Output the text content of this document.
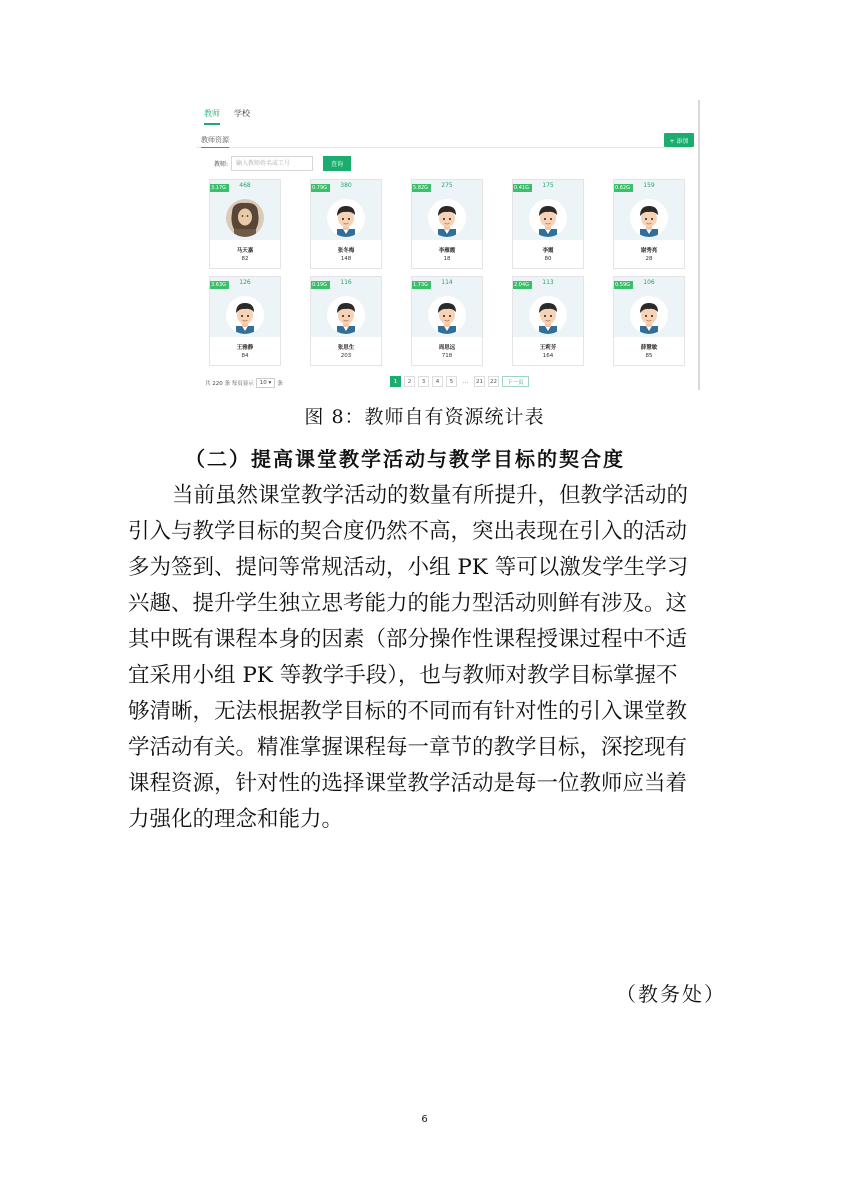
教师 学校
教师资源	+ 添加
教师:
输入教师姓名或工号	查询
3.17G	468
马天嘉
82
0.79G	380
张冬梅
148
5.82G	275
李雁霞
18
0.41G	175
李霞
80
0.62G	159
谢秀亮
28
3.63G	126
王雅静
84
0.19G	116
张思生
203
1.73G	114
周思远
718
2.04G	113
王莉芳
164
0.59G	106
薛慧敏
85
共 220 条 每页显示	10 ▾	条	1	2	3	4	5	...	21	22	下一页
图 8：教师自有资源统计表
（二）提高课堂教学活动与教学目标的契合度

当前虽然课堂教学活动的数量有所提升，但教学活动的
引入与教学目标的契合度仍然不高，突出表现在引入的活动
多为签到、提问等常规活动，小组 PK 等可以激发学生学习
兴趣、提升学生独立思考能力的能力型活动则鲜有涉及。这
其中既有课程本身的因素（部分操作性课程授课过程中不适
宜采用小组 PK 等教学手段），也与教师对教学目标掌握不
够清晰，无法根据教学目标的不同而有针对性的引入课堂教
学活动有关。精准掌握课程每一章节的教学目标，深挖现有
课程资源，针对性的选择课堂教学活动是每一位教师应当着
力强化的理念和能力。

（教务处）
6
